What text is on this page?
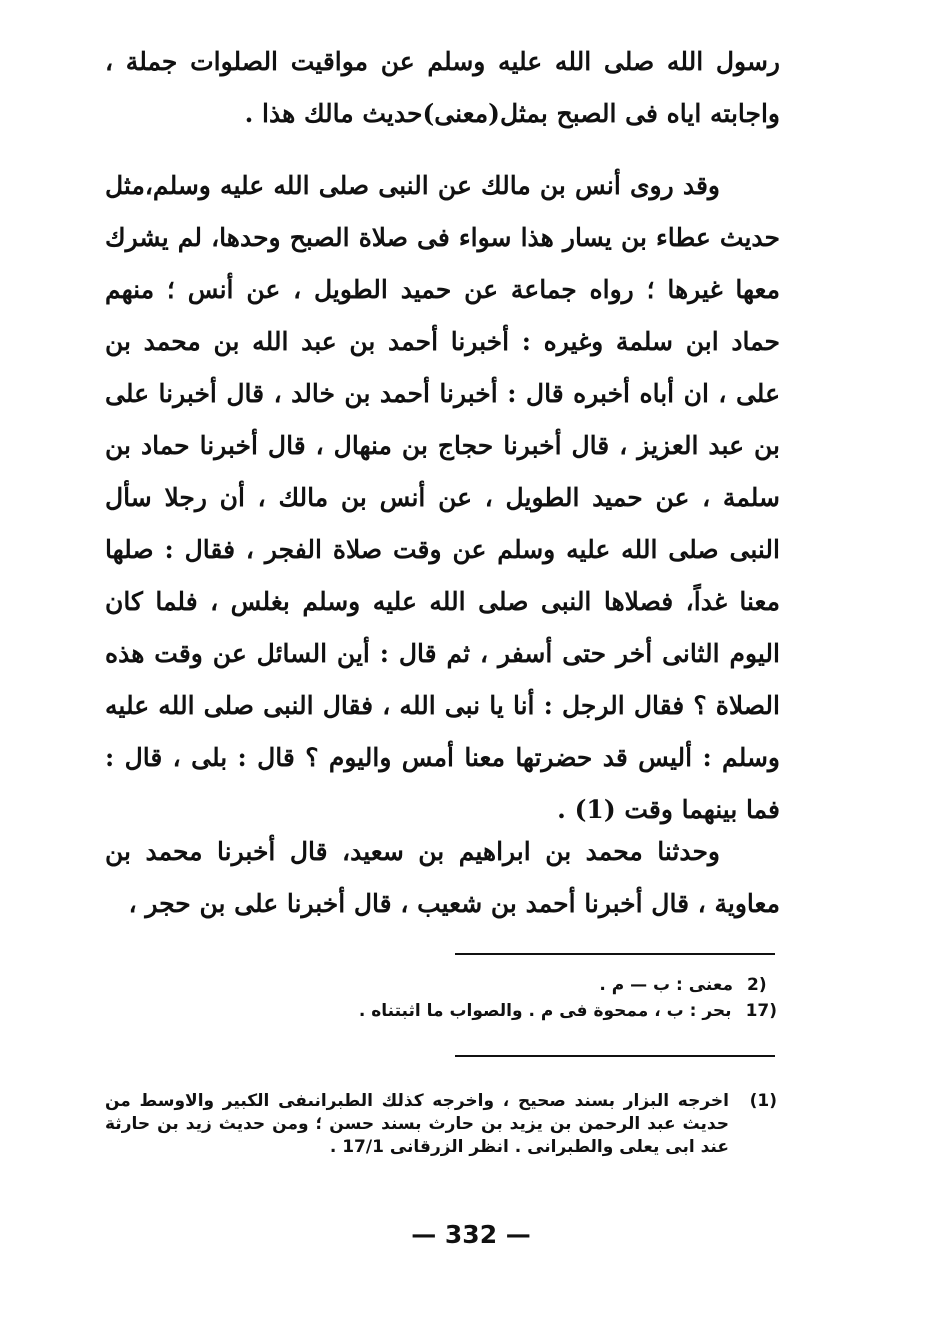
رسول الله صلى الله عليه وسلم عن مواقيت الصلوات جملة ، واجابته اياه فى الصبح بمثل(معنى)حديث مالك هذا .

وقد روى أنس بن مالك عن النبى صلى الله عليه وسلم،مثل حديث عطاء بن يسار هذا سواء فى صلاة الصبح وحدها، لم يشرك معها غيرها ؛ رواه جماعة عن حميد الطويل ، عن أنس ؛ منهم حماد ابن سلمة وغيره : أخبرنا أحمد بن عبد الله بن محمد بن على ، ان أباه أخبره قال : أخبرنا أحمد بن خالد ، قال أخبرنا على بن عبد العزيز ، قال أخبرنا حجاج بن منهال ، قال أخبرنا حماد بن سلمة ، عن حميد الطويل ، عن أنس بن مالك ، أن رجلا سأل النبى صلى الله عليه وسلم عن وقت صلاة الفجر ، فقال : صلها معنا غداً، فصلاها النبى صلى الله عليه وسلم بغلس ، فلما كان اليوم الثانى أخر حتى أسفر ، ثم قال : أين السائل عن وقت هذه الصلاة ؟ فقال الرجل : أنا يا نبى الله ، فقال النبى صلى الله عليه وسلم : أليس قد حضرتها معنا أمس واليوم ؟ قال : بلى ، قال : فما بينهما وقت (1) .

وحدثنا محمد بن ابراهيم بن سعيد، قال أخبرنا محمد بن معاوية ، قال أخبرنا أحمد بن شعيب ، قال أخبرنا على بن حجر ،

2)
معنى : ب — م .
17)
بحر : ب ، ممحوة فى م . والصواب ما اثبتناه .
(1)
اخرجه البزار بسند صحيح ، واخرجه كذلك الطبرانىفى الكبير والاوسط من حديث عبد الرحمن بن يزيد بن حارث بسند حسن ؛ ومن حديث زيد بن حارثة عند ابى يعلى والطبرانى . انظر الزرقانى 17/1 .
— 332 —
